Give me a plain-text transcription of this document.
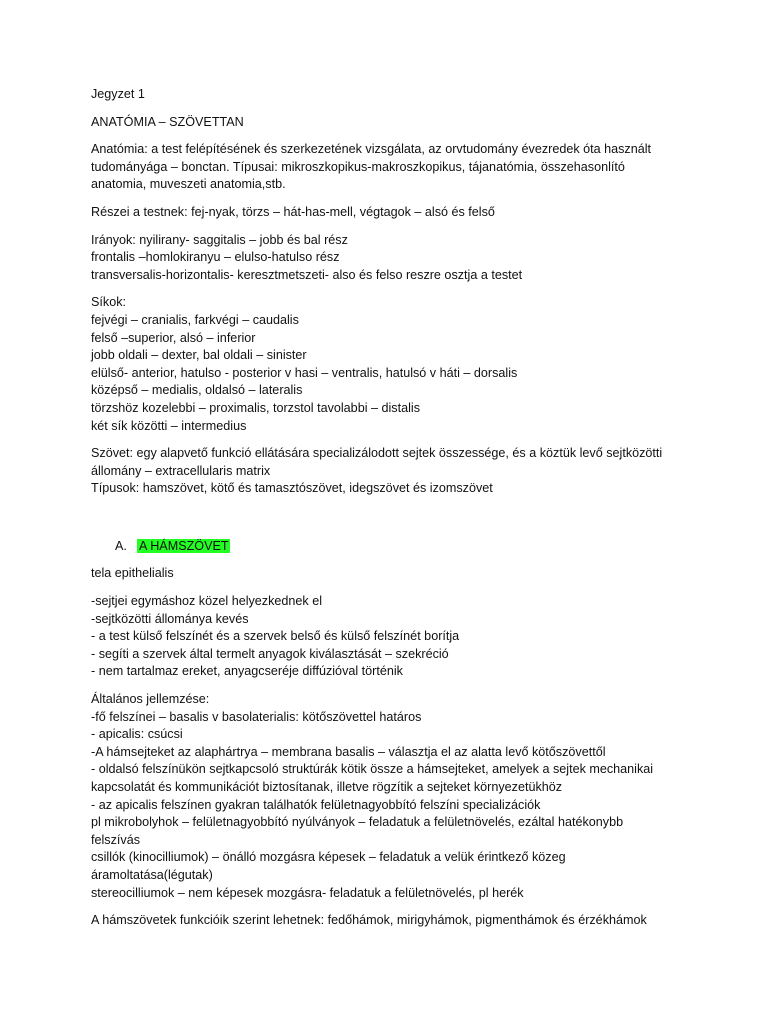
Jegyzet 1
ANATÓMIA – SZÖVETTAN
Anatómia: a test felépítésének és szerkezetének vizsgálata, az orvtudomány évezredek óta használt
tudományága – bonctan. Típusai: mikroszkopikus-makroszkopikus, tájanatómia, összehasonlító
anatomia, muveszeti anatomia,stb.
Részei a testnek: fej-nyak, törzs – hát-has-mell, végtagok – alsó és felső
Irányok: nyilirany- saggitalis – jobb és bal rész
frontalis –homlokiranyu – elulso-hatulso rész
transversalis-horizontalis- keresztmetszeti- also és felso reszre osztja a testet
Síkok:
fejvégi – cranialis, farkvégi – caudalis
felső –superior, alsó – inferior
jobb oldali – dexter, bal oldali – sinister
elülső- anterior, hatulso - posterior v hasi – ventralis, hatulsó v háti – dorsalis
középső – medialis, oldalsó – lateralis
törzshöz kozelebbi – proximalis, torzstol tavolabbi – distalis
két sík közötti – intermedius
Szövet: egy alapvető funkció ellátására specializálodott sejtek összessége, és a köztük levő sejtközötti
állomány – extracellularis matrix
Típusok: hamszövet, kötő és tamasztószövet, idegszövet és izomszövet
A. A HÁMSZÖVET
tela epithelialis
-sejtjei egymáshoz közel helyezkednek el
-sejtközötti állománya kevés
- a test külső felszínét és a szervek belső és külső felszínét borítja
- segíti a szervek által termelt anyagok kiválasztását – szekréció
- nem tartalmaz ereket, anyagcseréje diffúzióval történik
Általános jellemzése:
-fő felszínei – basalis v basolaterialis: kötőszövettel határos
- apicalis: csúcsi
-A hámsejteket az alaphártrya – membrana basalis – választja el az alatta levő kötőszövettől
- oldalsó felszínükön sejtkapcsoló struktúrák kötik össze a hámsejteket, amelyek a sejtek mechanikai
kapcsolatát és kommunikációt biztosítanak, illetve rögzítik a sejteket környezetükhöz
- az apicalis felszínen gyakran találhatók felületnagyobbító felszíni specializációk
pl mikrobolyhok – felületnagyobbító nyúlványok – feladatuk a felületnövelés, ezáltal hatékonybb
felszívás
csillók (kinocilliumok) – önálló mozgásra képesek – feladatuk a velük érintkező közeg
áramoltatása(légutak)
stereocilliumok – nem képesek mozgásra- feladatuk a felületnövelés, pl herék
A hámszövetek funkcióik szerint lehetnek: fedőhámok, mirigyhámok, pigmenthámok és érzékhámok
